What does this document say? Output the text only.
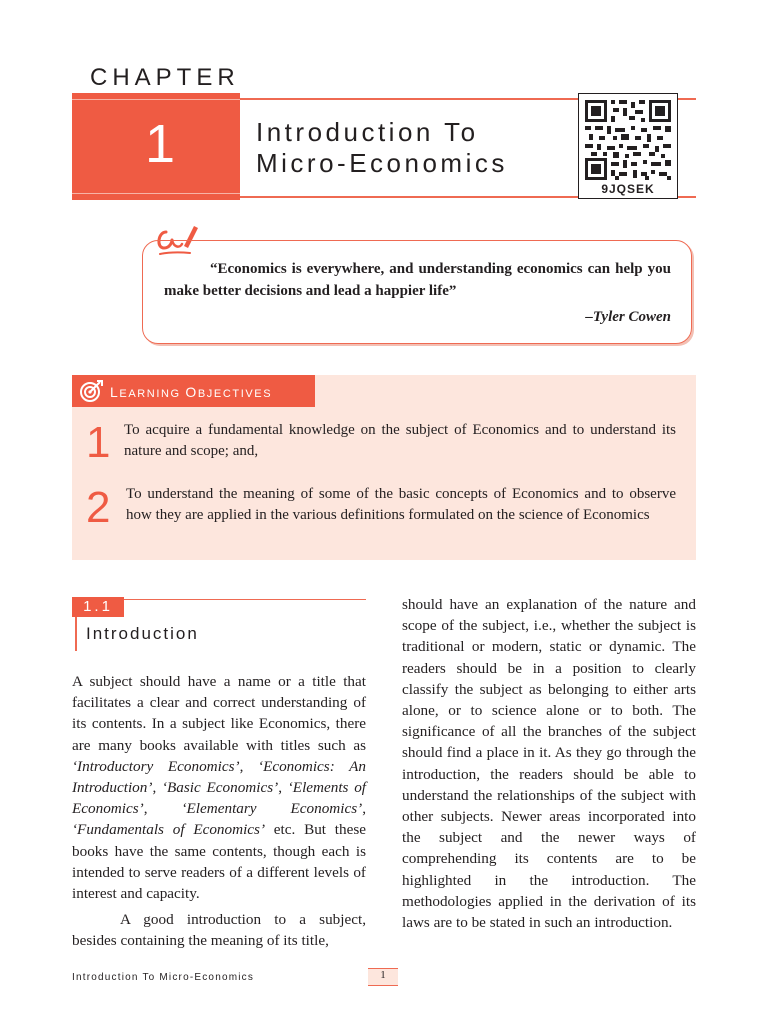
CHAPTER
1	Introduction To
Micro-Economics
9JQSEK
“Economics is everywhere, and understanding economics can help you make better decisions and lead a happier life”
–Tyler Cowen
LEARNING OBJECTIVES
1 To acquire a fundamental knowledge on the subject of Economics and to understand its nature and scope; and,
2 To understand the meaning of some of the basic concepts of Economics and to observe how they are applied in the various definitions formulated on the science of Economics
1.1
Introduction

A subject should have a name or a title that facilitates a clear and correct understanding of its contents. In a subject like Economics, there are many books available with titles such as ‘Introductory Economics’, ‘Economics: An Introduction’, ‘Basic Economics’, ‘Elements of Economics’, ‘Elementary Economics’, ‘Fundamentals of Economics’ etc. But these books have the same contents, though each is intended to serve readers of a different levels of interest and capacity.

A good introduction to a subject, besides containing the meaning of its title,

should have an explanation of the nature and scope of the subject, i.e., whether the subject is traditional or modern, static or dynamic. The readers should be in a position to clearly classify the subject as belonging to either arts alone, or to science alone or to both. The significance of all the branches of the subject should find a place in it. As they go through the introduction, the readers should be able to understand the relationships of the subject with other subjects. Newer areas incorporated into the subject and the newer ways of comprehending its contents are to be highlighted in the introduction. The methodologies applied in the derivation of its laws are to be stated in such an introduction.

Introduction To Micro-Economics	1
